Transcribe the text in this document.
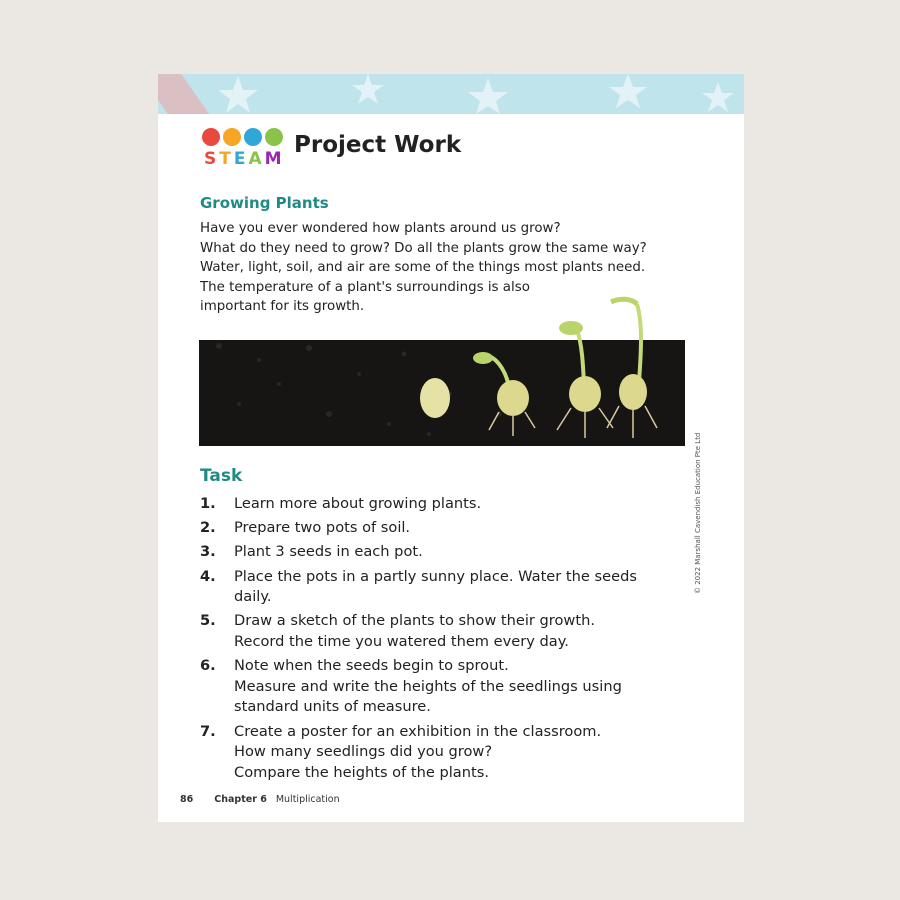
S T E A M
Project Work
Growing Plants
Have you ever wondered how plants around us grow?
What do they need to grow? Do all the plants grow the same way?
Water, light, soil, and air are some of the things most plants need.
The temperature of a plant's surroundings is also
important for its growth.
Task
1. Learn more about growing plants.
2. Prepare two pots of soil.
3. Plant 3 seeds in each pot.
4. Place the pots in a partly sunny place. Water the seeds
daily.
5. Draw a sketch of the plants to show their growth.
Record the time you watered them every day.
6. Note when the seeds begin to sprout.
Measure and write the heights of the seedlings using
standard units of measure.
7. Create a poster for an exhibition in the classroom.
How many seedlings did you grow?
Compare the heights of the plants.
86 Chapter 6 Multiplication
© 2022 Marshall Cavendish Education Pte Ltd
